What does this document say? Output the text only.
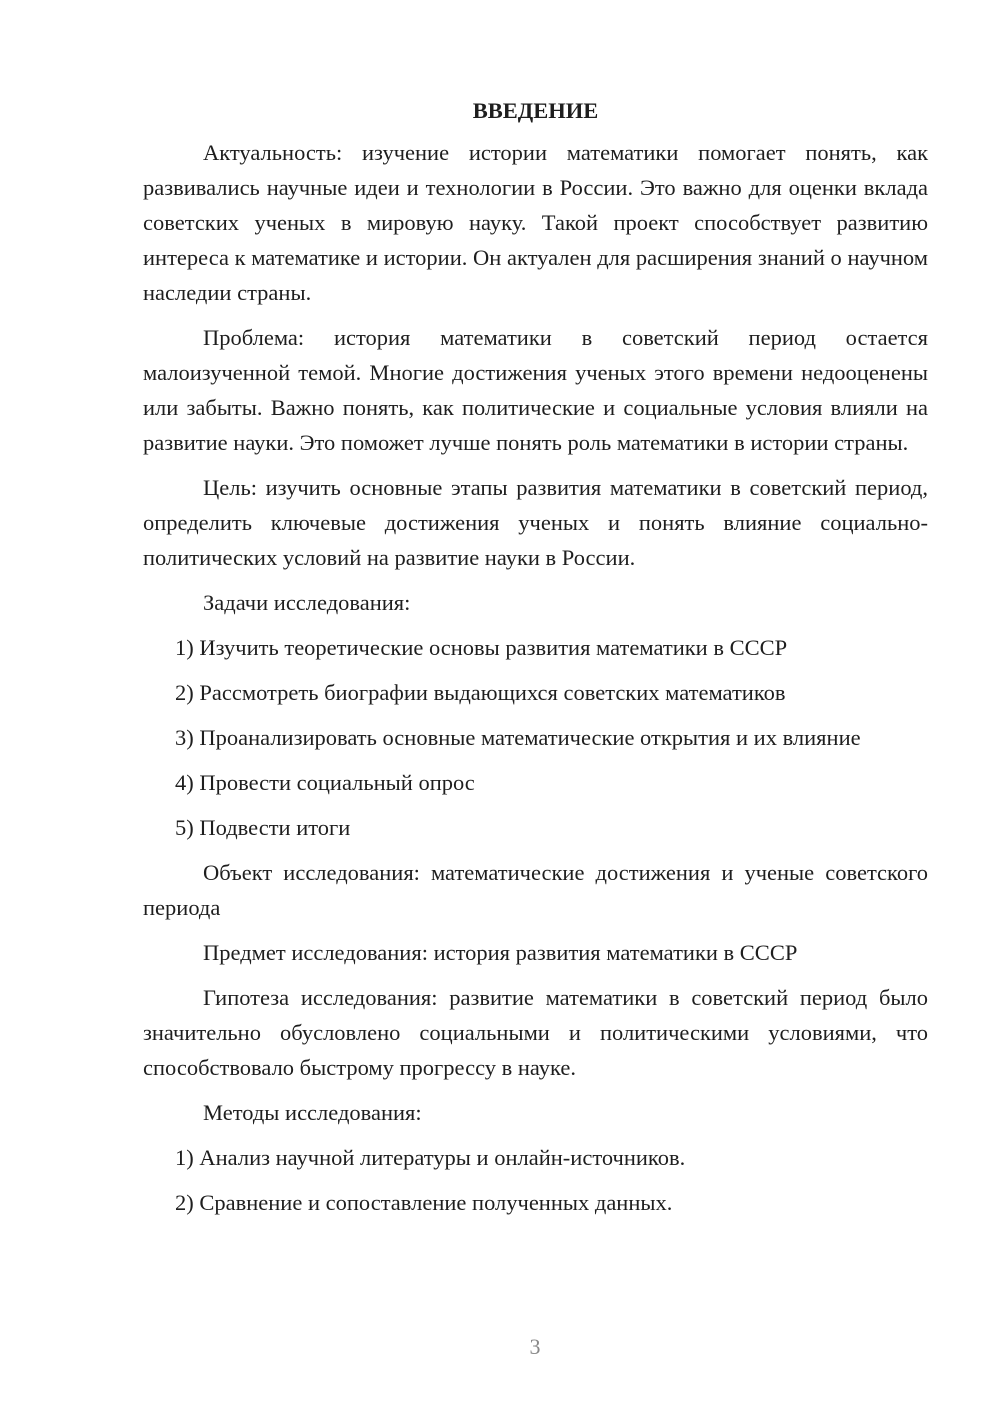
ВВЕДЕНИЕ

Актуальность: изучение истории математики помогает понять, как развивались научные идеи и технологии в России. Это важно для оценки вклада советских ученых в мировую науку. Такой проект способствует развитию интереса к математике и истории. Он актуален для расширения знаний о научном наследии страны.

Проблема: история математики в советский период остается малоизученной темой. Многие достижения ученых этого времени недооценены или забыты. Важно понять, как политические и социальные условия влияли на развитие науки. Это поможет лучше понять роль математики в истории страны.

Цель: изучить основные этапы развития математики в советский период, определить ключевые достижения ученых и понять влияние социально-политических условий на развитие науки в России.

Задачи исследования:

1) Изучить теоретические основы развития математики в СССР

2) Рассмотреть биографии выдающихся советских математиков

3) Проанализировать основные математические открытия и их влияние

4) Провести социальный опрос

5) Подвести итоги

Объект исследования: математические достижения и ученые советского периода

Предмет исследования: история развития математики в СССР

Гипотеза исследования: развитие математики в советский период было значительно обусловлено социальными и политическими условиями, что способствовало быстрому прогрессу в науке.

Методы исследования:

1) Анализ научной литературы и онлайн-источников.

2) Сравнение и сопоставление полученных данных.

3
